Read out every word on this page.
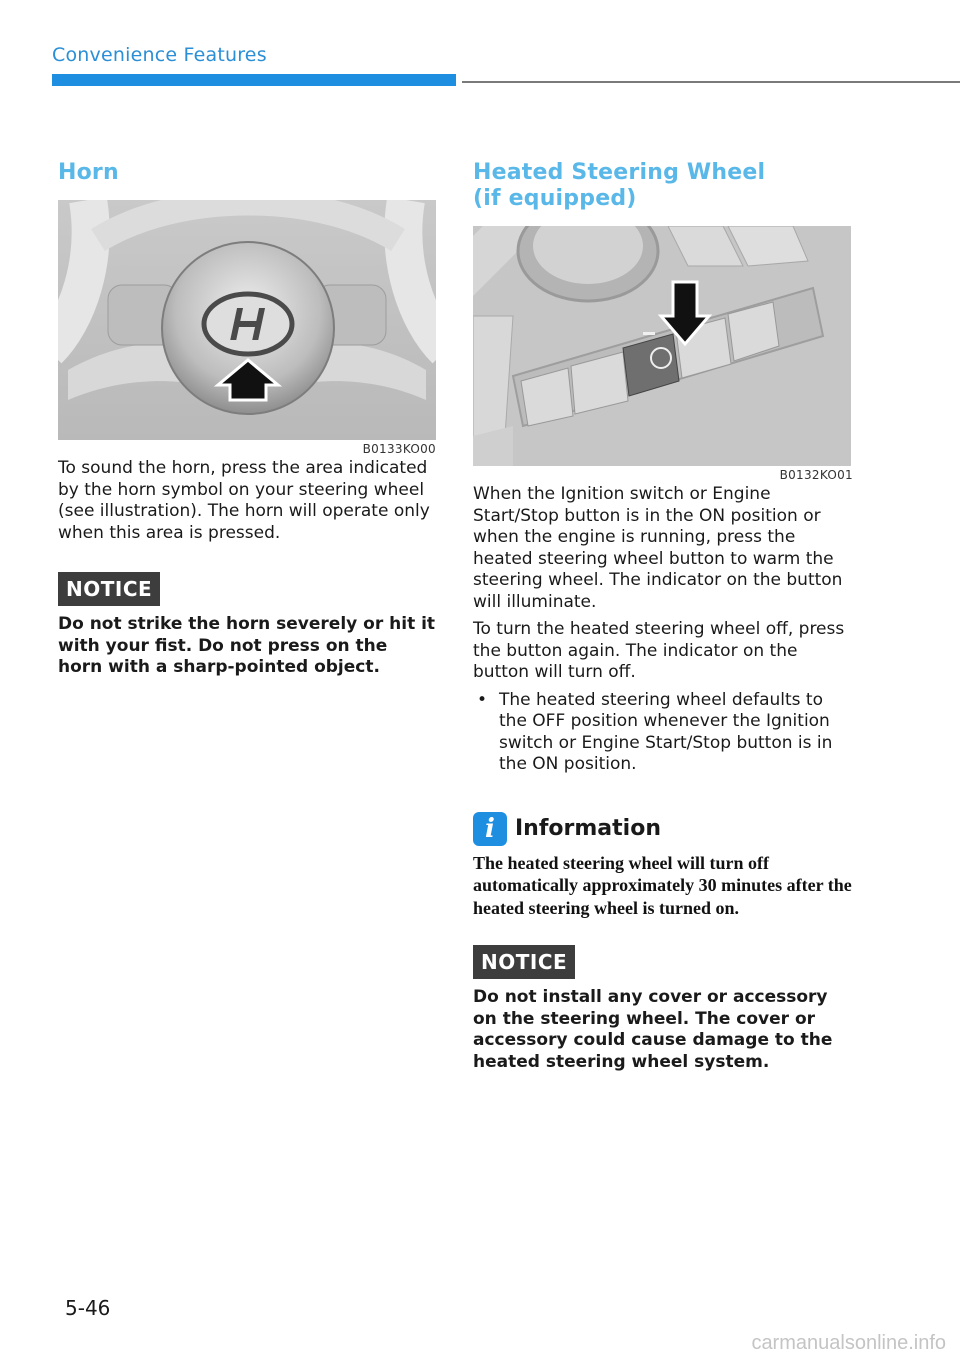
Convenience Features
Horn
B0133KO00

To sound the horn, press the area indicated by the horn symbol on your steering wheel (see illustration). The horn will operate only when this area is pressed.

NOTICE

Do not strike the horn severely or hit it with your fist. Do not press on the horn with a sharp-pointed object.

Heated Steering Wheel
(if equipped)
B0132KO01

When the Ignition switch or Engine Start/Stop button is in the ON position or when the engine is running, press the heated steering wheel button to warm the steering wheel. The indicator on the button will illuminate.

To turn the heated steering wheel off, press the button again. The indicator on the button will turn off.

• The heated steering wheel defaults to the OFF position whenever the Ignition switch or Engine Start/Stop button is in the ON position.
i Information

The heated steering wheel will turn off automatically approximately 30 minutes after the heated steering wheel is turned on.

NOTICE

Do not install any cover or accessory on the steering wheel. The cover or accessory could cause damage to the heated steering wheel system.

5-46
carmanualsonline.info
